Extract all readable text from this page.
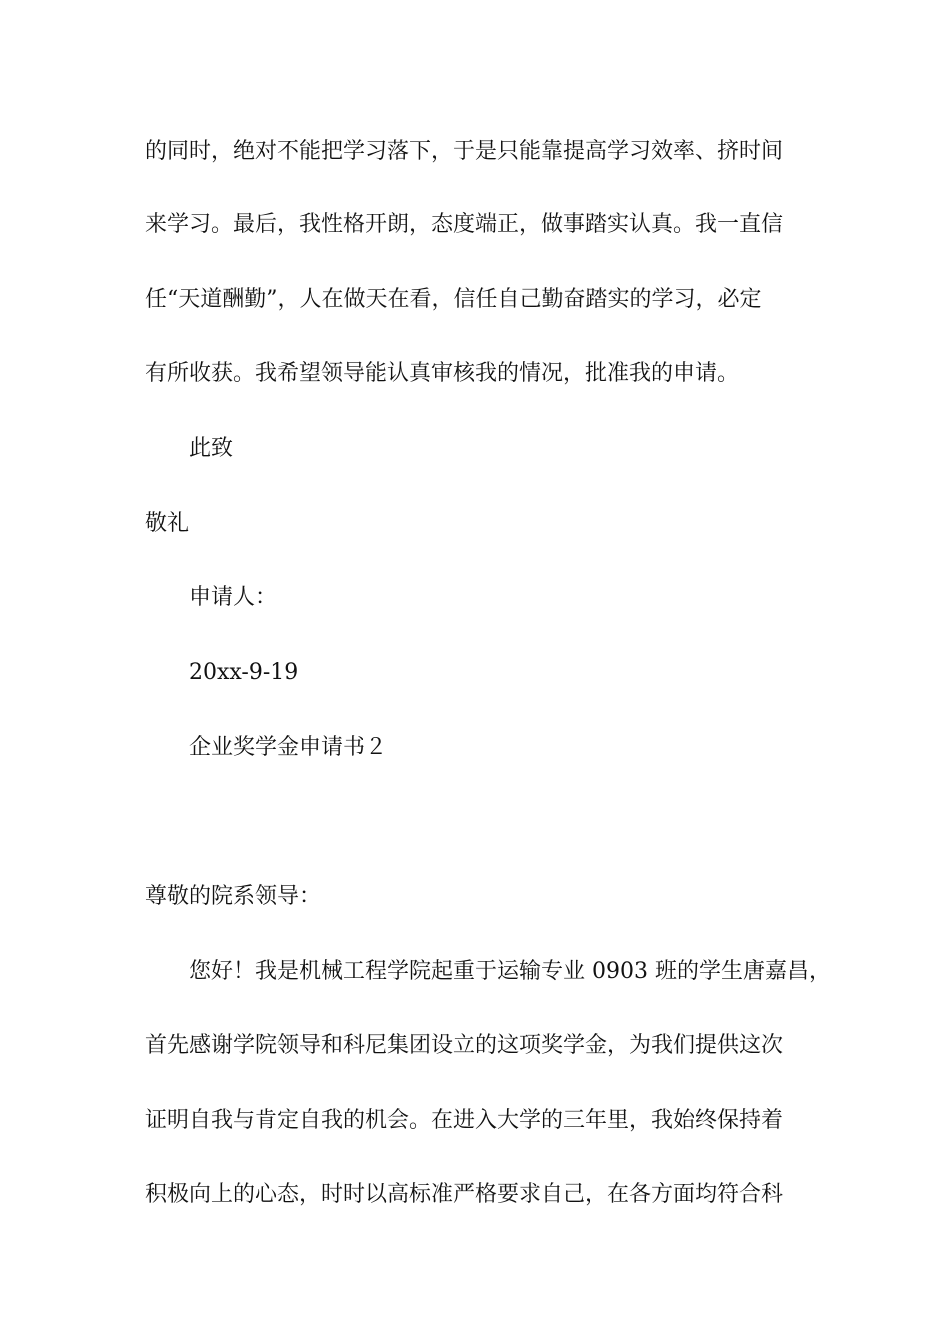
的同时，绝对不能把学习落下，于是只能靠提高学习效率、挤时间
来学习。最后，我性格开朗，态度端正，做事踏实认真。我一直信
任“天道酬勤”，人在做天在看，信任自己勤奋踏实的学习，必定
有所收获。我希望领导能认真审核我的情况，批准我的申请。
此致
敬礼
申请人：
20xx-9-19
企业奖学金申请书２
尊敬的院系领导：
您好！我是机械工程学院起重于运输专业 0903 班的学生唐嘉昌，
首先感谢学院领导和科尼集团设立的这项奖学金，为我们提供这次
证明自我与肯定自我的机会。在进入大学的三年里，我始终保持着
积极向上的心态，时时以高标准严格要求自己，在各方面均符合科
